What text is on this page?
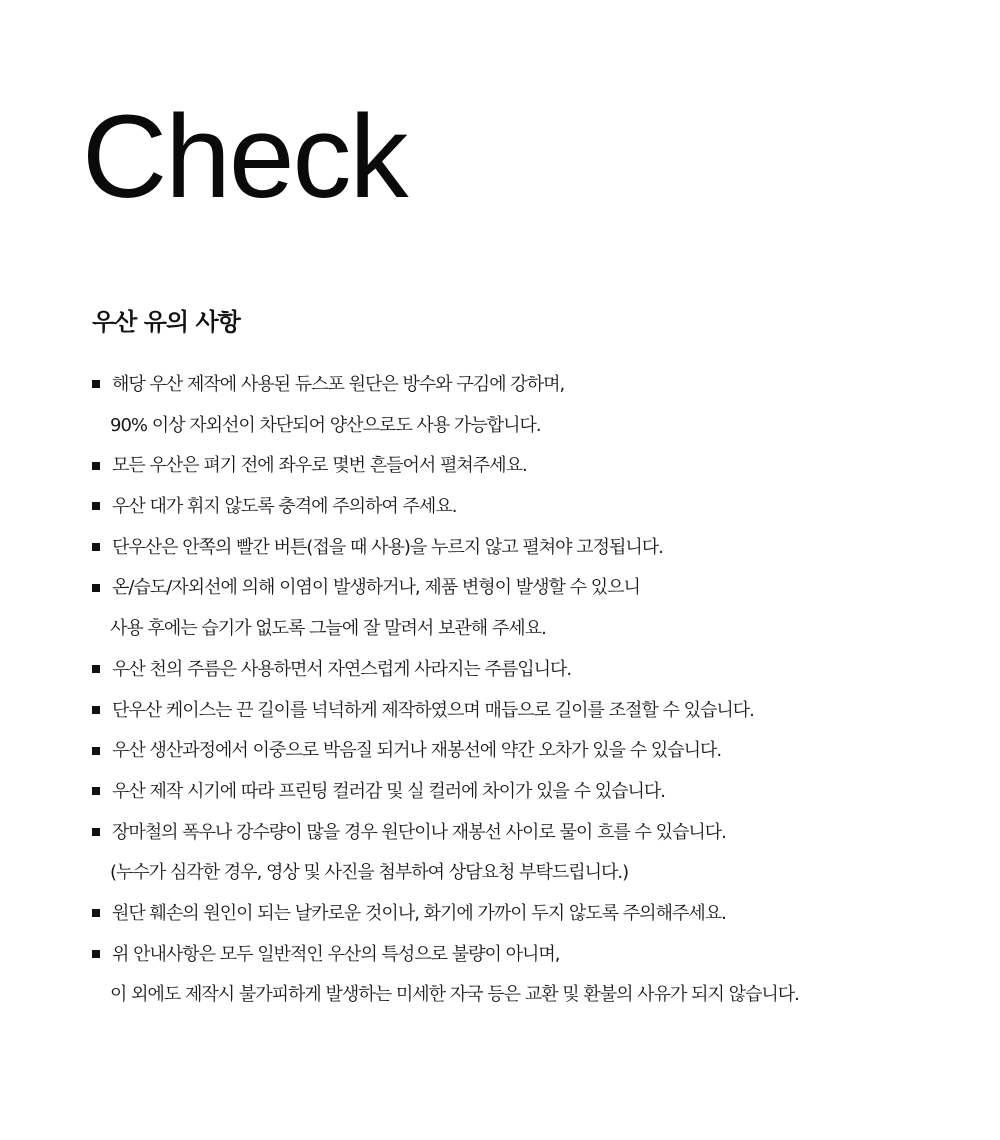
Check
우산 유의 사항
해당 우산 제작에 사용된 듀스포 원단은 방수와 구김에 강하며,
90% 이상 자외선이 차단되어 양산으로도 사용 가능합니다.
모든 우산은 펴기 전에 좌우로 몇번 흔들어서 펼쳐주세요.
우산 대가 휘지 않도록 충격에 주의하여 주세요.
단우산은 안쪽의 빨간 버튼(접을 때 사용)을 누르지 않고 펼쳐야 고정됩니다.
온/습도/자외선에 의해 이염이 발생하거나, 제품 변형이 발생할 수 있으니
사용 후에는 습기가 없도록 그늘에 잘 말려서 보관해 주세요.
우산 천의 주름은 사용하면서 자연스럽게 사라지는 주름입니다.
단우산 케이스는 끈 길이를 넉넉하게 제작하였으며 매듭으로 길이를 조절할 수 있습니다.
우산 생산과정에서 이중으로 박음질 되거나 재봉선에 약간 오차가 있을 수 있습니다.
우산 제작 시기에 따라 프린팅 컬러감 및 실 컬러에 차이가 있을 수 있습니다.
장마철의 폭우나 강수량이 많을 경우 원단이나 재봉선 사이로 물이 흐를 수 있습니다.
(누수가 심각한 경우, 영상 및 사진을 첨부하여 상담요청 부탁드립니다.)
원단 훼손의 원인이 되는 날카로운 것이나, 화기에 가까이 두지 않도록 주의해주세요.
위 안내사항은 모두 일반적인 우산의 특성으로 불량이 아니며,
이 외에도 제작시 불가피하게 발생하는 미세한 자국 등은 교환 및 환불의 사유가 되지 않습니다.
